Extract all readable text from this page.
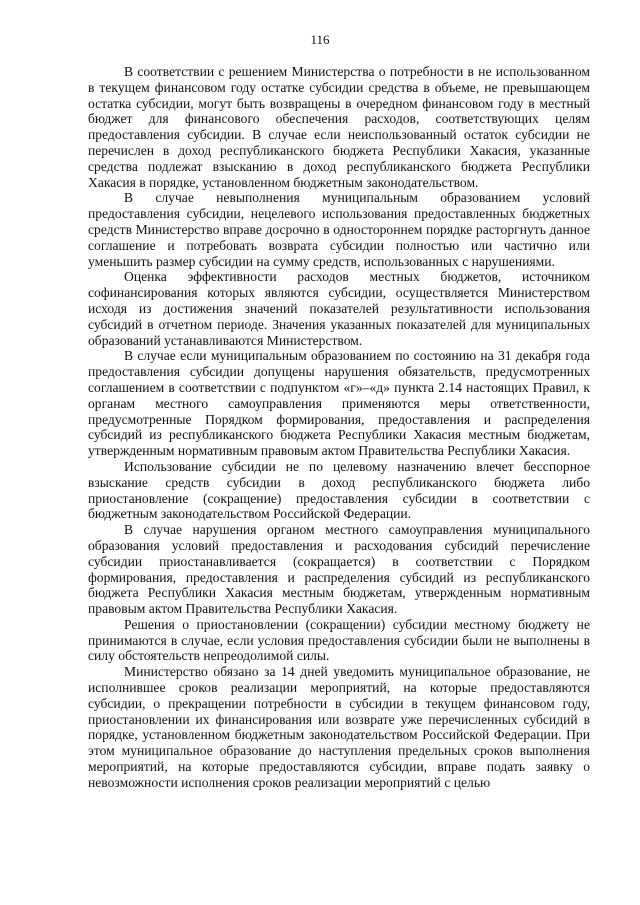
116

В соответствии с решением Министерства о потребности в не использованном в текущем финансовом году остатке субсидии средства в объеме, не превышающем остатка субсидии, могут быть возвращены в очередном финансовом году в местный бюджет для финансового обеспечения расходов, соответствующих целям предоставления субсидии. В случае если неиспользованный остаток субсидии не перечислен в доход республиканского бюджета Республики Хакасия, указанные средства подлежат взысканию в доход республиканского бюджета Республики Хакасия в порядке, установленном бюджетным законодательством.

В случае невыполнения муниципальным образованием условий предоставления субсидии, нецелевого использования предоставленных бюджетных средств Министерство вправе досрочно в одностороннем порядке расторгнуть данное соглашение и потребовать возврата субсидии полностью или частично или уменьшить размер субсидии на сумму средств, использованных с нарушениями.

Оценка эффективности расходов местных бюджетов, источником софинансирования которых являются субсидии, осуществляется Министерством исходя из достижения значений показателей результативности использования субсидий в отчетном периоде. Значения указанных показателей для муниципальных образований устанавливаются Министерством.

В случае если муниципальным образованием по состоянию на 31 декабря года предоставления субсидии допущены нарушения обязательств, предусмотренных соглашением в соответствии с подпунктом «г»–«д» пункта 2.14 настоящих Правил, к органам местного самоуправления применяются меры ответственности, предусмотренные Порядком формирования, предоставления и распределения субсидий из республиканского бюджета Республики Хакасия местным бюджетам, утвержденным нормативным правовым актом Правительства Республики Хакасия.

Использование субсидии не по целевому назначению влечет бесспорное взыскание средств субсидии в доход республиканского бюджета либо приостановление (сокращение) предоставления субсидии в соответствии с бюджетным законодательством Российской Федерации.

В случае нарушения органом местного самоуправления муниципального образования условий предоставления и расходования субсидий перечисление субсидии приостанавливается (сокращается) в соответствии с Порядком формирования, предоставления и распределения субсидий из республиканского бюджета Республики Хакасия местным бюджетам, утвержденным нормативным правовым актом Правительства Республики Хакасия.

Решения о приостановлении (сокращении) субсидии местному бюджету не принимаются в случае, если условия предоставления субсидии были не выполнены в силу обстоятельств непреодолимой силы.

Министерство обязано за 14 дней уведомить муниципальное образование, не исполнившее сроков реализации мероприятий, на которые предоставляются субсидии, о прекращении потребности в субсидии в текущем финансовом году, приостановлении их финансирования или возврате уже перечисленных субсидий в порядке, установленном бюджетным законодательством Российской Федерации. При этом муниципальное образование до наступления предельных сроков выполнения мероприятий, на которые предоставляются субсидии, вправе подать заявку о невозможности исполнения сроков реализации мероприятий с целью
